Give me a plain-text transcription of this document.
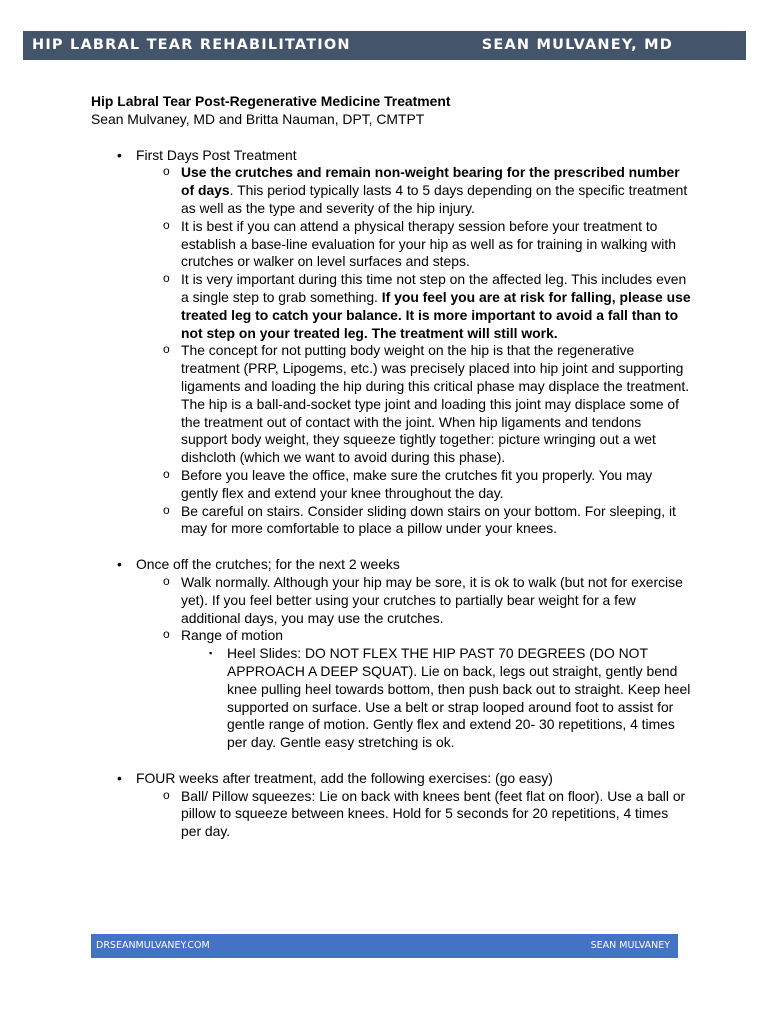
HIP LABRAL TEAR REHABILITATION	SEAN MULVANEY, MD
Hip Labral Tear Post-Regenerative Medicine Treatment
Sean Mulvaney, MD and Britta Nauman, DPT, CMTPT
• First Days Post Treatment
o Use the crutches and remain non-weight bearing for the prescribed number of days. This period typically lasts 4 to 5 days depending on the specific treatment as well as the type and severity of the hip injury.
o It is best if you can attend a physical therapy session before your treatment to establish a base-line evaluation for your hip as well as for training in walking with crutches or walker on level surfaces and steps.
o It is very important during this time not step on the affected leg. This includes even a single step to grab something. If you feel you are at risk for falling, please use treated leg to catch your balance. It is more important to avoid a fall than to not step on your treated leg. The treatment will still work.
o The concept for not putting body weight on the hip is that the regenerative treatment (PRP, Lipogems, etc.) was precisely placed into hip joint and supporting ligaments and loading the hip during this critical phase may displace the treatment. The hip is a ball-and-socket type joint and loading this joint may displace some of the treatment out of contact with the joint. When hip ligaments and tendons support body weight, they squeeze tightly together: picture wringing out a wet dishcloth (which we want to avoid during this phase).
o Before you leave the office, make sure the crutches fit you properly. You may gently flex and extend your knee throughout the day.
o Be careful on stairs. Consider sliding down stairs on your bottom. For sleeping, it may for more comfortable to place a pillow under your knees.
• Once off the crutches; for the next 2 weeks
o Walk normally. Although your hip may be sore, it is ok to walk (but not for exercise yet). If you feel better using your crutches to partially bear weight for a few additional days, you may use the crutches.
o Range of motion
▪ Heel Slides: DO NOT FLEX THE HIP PAST 70 DEGREES (DO NOT APPROACH A DEEP SQUAT). Lie on back, legs out straight, gently bend knee pulling heel towards bottom, then push back out to straight. Keep heel supported on surface. Use a belt or strap looped around foot to assist for gentle range of motion. Gently flex and extend 20- 30 repetitions, 4 times per day. Gentle easy stretching is ok.
• FOUR weeks after treatment, add the following exercises: (go easy)
o Ball/ Pillow squeezes: Lie on back with knees bent (feet flat on floor). Use a ball or pillow to squeeze between knees. Hold for 5 seconds for 20 repetitions, 4 times per day.
DRSEANMULVANEY.COM	SEAN MULVANEY
